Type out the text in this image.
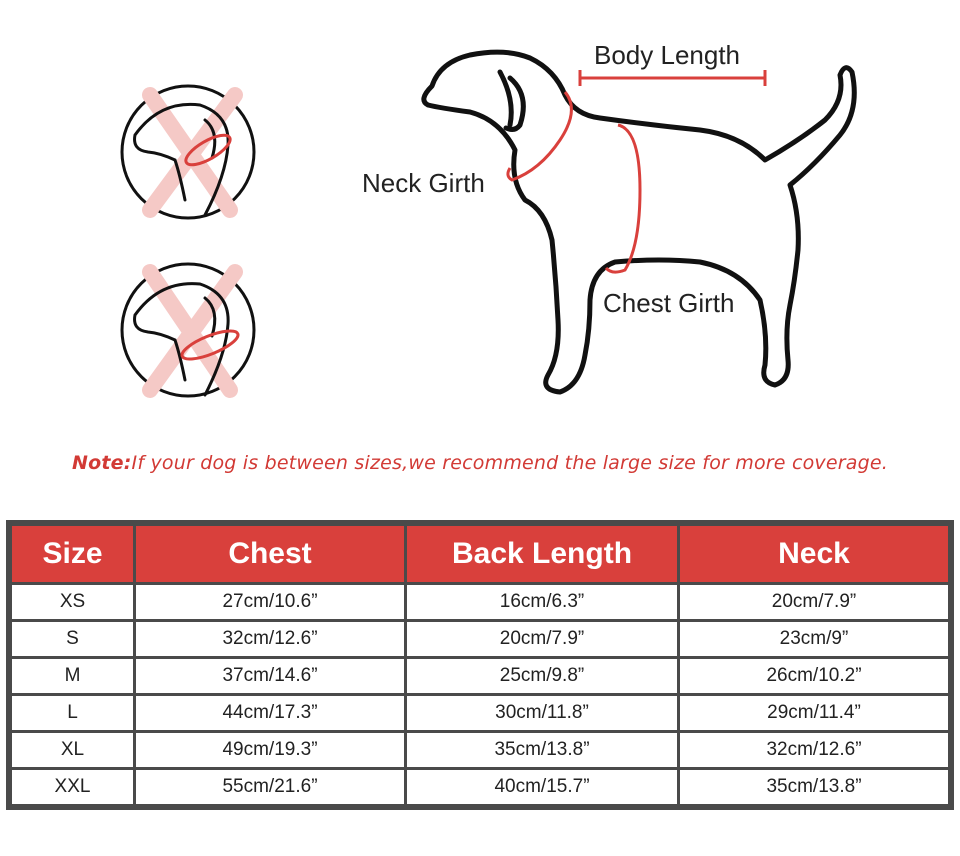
Body Length
Neck Girth
Chest Girth
Note:If your dog is between sizes,we recommend the large size for more coverage.
Size	Chest	Back Length	Neck
XS	27cm/10.6”	16cm/6.3”	20cm/7.9”
S	32cm/12.6”	20cm/7.9”	23cm/9”
M	37cm/14.6”	25cm/9.8”	26cm/10.2”
L	44cm/17.3”	30cm/11.8”	29cm/11.4”
XL	49cm/19.3”	35cm/13.8”	32cm/12.6”
XXL	55cm/21.6”	40cm/15.7”	35cm/13.8”
